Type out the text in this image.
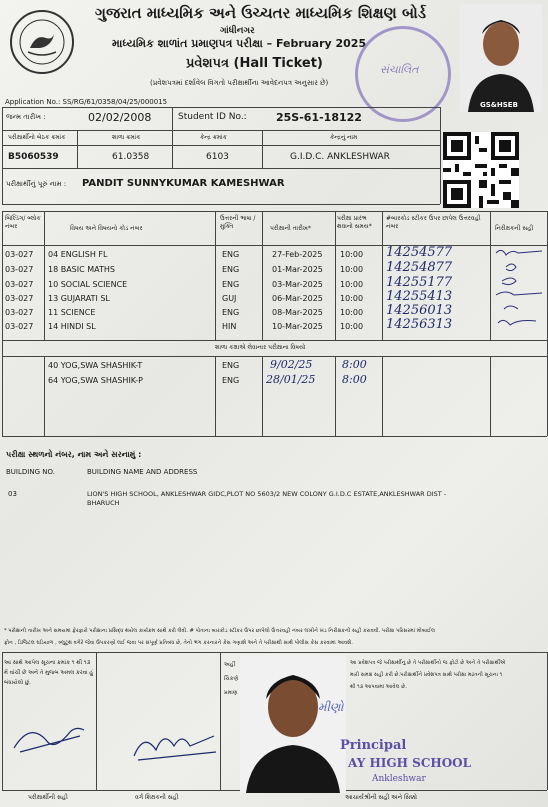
ગુજરાત માધ્યમિક અને ઉચ્ચતર માધ્યમિક શિક્ષણ બોર્ડ
ગાંધીનગર
માધ્યમિક શાળાંત પ્રમાણપત્ર પરીક્ષા – February 2025
પ્રવેશપત્ર (Hall Ticket)
(પ્રવેશપત્રમાં દર્શાવેલ વિગતો પરીક્ષાર્થીના આવેદનપત્ર અનુસાર છે)
સંચાલિત
GS&HSEB
Application No.: SS/RG/61/0358/04/25/000015
જન્મ તારીખ :	02/02/2008	Student ID No.:	25S-61-18122
પરીક્ષાર્થીનો બેઠક ક્રમાંક	શાળા ક્રમાંક	કેન્દ્ર ક્રમાંક	કેન્દ્રનું નામ
B5060539	61.0358	6103	G.I.D.C. ANKLESHWAR
પરીક્ષાર્થીનું પૂરું નામ : PANDIT SUNNYKUMAR KAMESHWAR
બિલ્ડિંગ/ બ્લોક નંબર	વિષય અને વિષયનો કોડ નંબર
ઉત્તરની ભાષા /મુક્તિ	પરીક્ષાની તારીખ*
પરીક્ષા પ્રારંભ થવાનો સમય*
#બારકોડ સ્ટીકર ઉપર છાપેલ ઉત્તરવહી નંબર	નિરીક્ષકની સહી
03-027 04 ENGLISH FL	ENG	27-Feb-2025 10:00 14254577
03-027 18 BASIC MATHS	ENG	01-Mar-2025 10:00 14254877
03-027 10 SOCIAL SCIENCE	ENG	03-Mar-2025 10:00 14255177
03-027 13 GUJARATI SL	GUJ	06-Mar-2025 10:00 14255413
03-027 11 SCIENCE	ENG	08-Mar-2025 10:00 14256013
03-027 14 HINDI SL	HIN	10-Mar-2025 10:00 14256313
શાળા કક્ષાએ લેવાનાર પરીક્ષાના વિષયો
40 YOG,SWA SHASHIK-T	ENG	9/02/25	8:00
64 YOG,SWA SHASHIK-P	ENG 28/01/25 8:00
પરીક્ષા સ્થળનો નંબર, નામ અને સરનામું :
BUILDING NO.	BUILDING NAME AND ADDRESS
03	LION'S HIGH SCHOOL, ANKLESHWAR GIDC,PLOT NO 5603/2 NEW COLONY G.I.D.C ESTATE,ANKLESHWAR DIST -
BHARUCH
* પરીક્ષાની તારીખ અને સમયમાં ફેરફારો પરીક્ષાના પ્રસિદ્ધ થયેલ કાર્યક્રમ સાથે કરી લેવી. # પોતાના બારકોડ સ્ટીકર ઉપર છાપેલો ઉત્તરવહી નંબર લખીને ખંડ નિરીક્ષકની સહી કરાવવી. પરીક્ષા પરિસરમાં મોબાઈલ
ફોન , ડિજિટલ ઘડિયાળ , બ્લુટૂથ વગેરે જેવા ઉપકરણો લઈ જવા પર સંપૂર્ણ પ્રતિબંધ છે, તેનો ભંગ કરનારને કેસ ગણાશે અને તે પરીક્ષાથી સાથે પોલીસ કેસ કરવામાં આવશે.
આ સાથે આપેલ સૂચના ક્રમાંક ૧ થી ૧૩
મેં વાંચી છે અને તે મુજબ અમલ કરવા હું
બંધાયેલો છું.
અહીં
ચિકણે
પ્રમાણ
આ પ્રવેશપત્ર જે પરીક્ષાર્થીનું છે તે પરીક્ષાર્થીનો જ ફોટો છે અને તે પરીક્ષાર્થીએ
મારી સમક્ષ સહી કરી છે.પરીક્ષાર્થીને પ્રવેશપત્ર સાથે પરીક્ષા મઢતની સૂચના ૧
થી ૧૩ આપવામાં આવેલ છે.
મીણો
Principal
AY HIGH SCHOOL
Ankleshwar
પરીક્ષાર્થીની સહી	વર્ગ શિક્ષકની સહી	આચાર્યશ્રીની સહી અને સિક્કો
